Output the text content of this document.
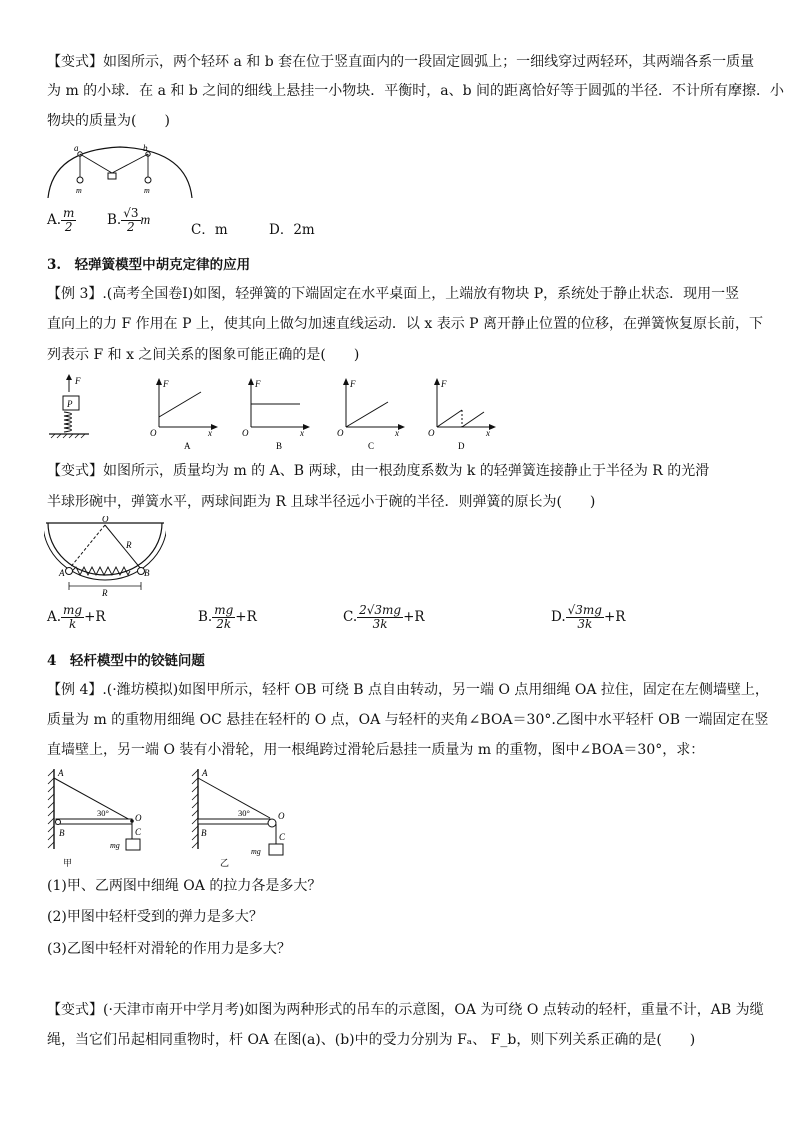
【变式】如图所示，两个轻环 a 和 b 套在位于竖直面内的一段固定圆弧上；一细线穿过两轻环，其两端各系一质量
为 m 的小球．在 a 和 b 之间的细线上悬挂一小物块．平衡时，a、b 间的距离恰好等于圆弧的半径．不计所有摩擦．小
物块的质量为(　　)
a	b
m	m
A. $\frac{m}{2} B$. $\frac{√3}{2}$ m
C．m	D．2m
3.　轻弹簧模型中胡克定律的应用
【例 3】.(高考全国卷Ⅰ)如图，轻弹簧的下端固定在水平桌面上，上端放有物块 P，系统处于静止状态．现用一竖
直向上的力 F 作用在 P 上，使其向上做匀加速直线运动．以 x 表示 P 离开静止位置的位移，在弹簧恢复原长前，下
列表示 F 和 x 之间关系的图象可能正确的是(　　)
F
P
F
O	x
A
F
O	x
B
F
O	x
C
F
O	x
D
【变式】如图所示，质量均为 m 的 A、B 两球，由一根劲度系数为 k 的轻弹簧连接静止于半径为 R 的光滑
半球形碗中，弹簧水平，两球间距为 R 且球半径远小于碗的半径．则弹簧的原长为(　　)
O
R
A	B
R
A. $\frac{mg}{k} +R$	B. $\frac{mg}{2k} +R$	C. $\frac{2√3mg}{3k} +R$	D. $\frac{√3mg}{3k} +R$
4　轻杆模型中的铰链问题
【例 4】.(·潍坊模拟)如图甲所示，轻杆 OB 可绕 B 点自由转动，另一端 O 点用细绳 OA 拉住，固定在左侧墙壁上，
质量为 m 的重物用细绳 OC 悬挂在轻杆的 O 点，OA 与轻杆的夹角∠BOA＝30°.乙图中水平轻杆 OB 一端固定在竖
直墙壁上，另一端 O 装有小滑轮，用一根绳跨过滑轮后悬挂一质量为 m 的重物，图中∠BOA＝30°，求：
A
30°	O
B	C
mg
甲
A
30°	O
B	C
mg
乙
(1)甲、乙两图中细绳 OA 的拉力各是多大？
(2)甲图中轻杆受到的弹力是多大？
(3)乙图中轻杆对滑轮的作用力是多大？
【变式】(·天津市南开中学月考)如图为两种形式的吊车的示意图，OA 为可绕 O 点转动的轻杆，重量不计，AB 为缆
绳，当它们吊起相同重物时，杆 OA 在图(a)、(b)中的受力分别为 Fₐ、 F_b，则下列关系正确的是(　　)
